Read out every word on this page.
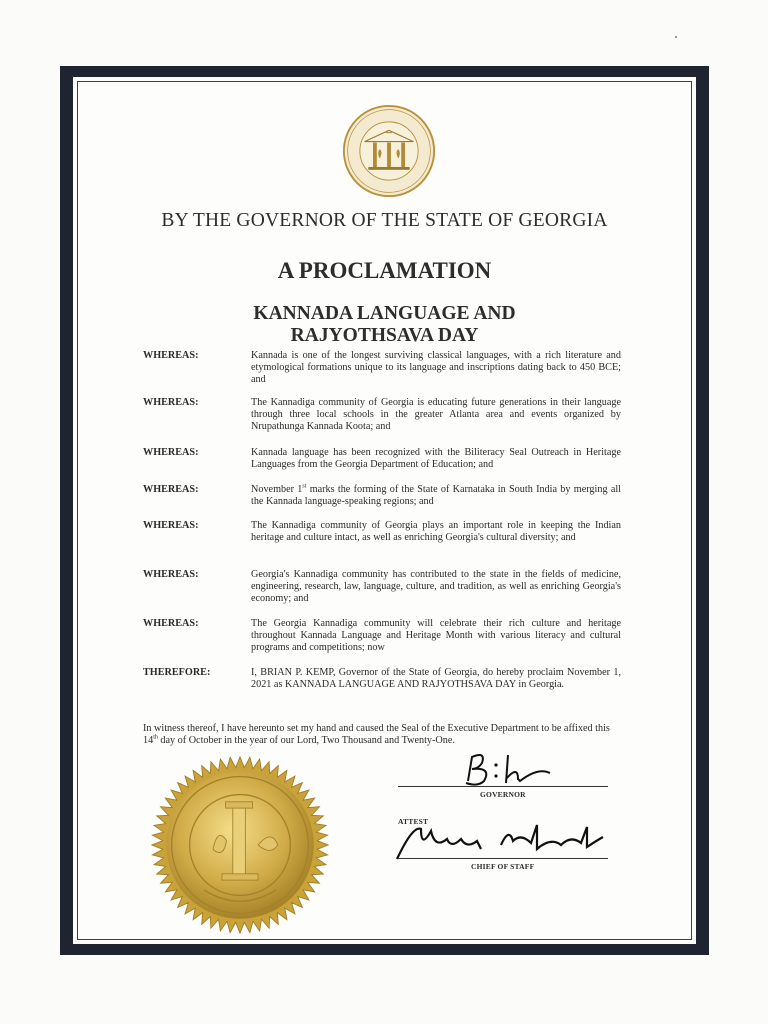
BY THE GOVERNOR OF THE STATE OF GEORGIA
A PROCLAMATION
KANNADA LANGUAGE AND
RAJYOTHSAVA DAY
WHEREAS:	Kannada is one of the longest surviving classical languages, with a rich literature and etymological formations unique to its language and inscriptions dating back to 450 BCE; and
WHEREAS:	The Kannadiga community of Georgia is educating future generations in their language through three local schools in the greater Atlanta area and events organized by Nrupathunga Kannada Koota; and
WHEREAS:	Kannada language has been recognized with the Biliteracy Seal Outreach in Heritage Languages from the Georgia Department of Education; and
WHEREAS:	November 1st marks the forming of the State of Karnataka in South India by merging all the Kannada language-speaking regions; and
WHEREAS:	The Kannadiga community of Georgia plays an important role in keeping the Indian heritage and culture intact, as well as enriching Georgia's cultural diversity; and
WHEREAS:	Georgia's Kannadiga community has contributed to the state in the fields of medicine, engineering, research, law, language, culture, and tradition, as well as enriching Georgia's economy; and
WHEREAS:	The Georgia Kannadiga community will celebrate their rich culture and heritage throughout Kannada Language and Heritage Month with various literacy and cultural programs and competitions; now
THEREFORE:	I, BRIAN P. KEMP, Governor of the State of Georgia, do hereby proclaim November 1, 2021 as KANNADA LANGUAGE AND RAJYOTHSAVA DAY in Georgia.
In witness thereof, I have hereunto set my hand and caused the Seal of the Executive Department to be affixed this 14th day of October in the year of our Lord, Two Thousand and Twenty-One.
GOVERNOR
ATTEST
CHIEF OF STAFF
